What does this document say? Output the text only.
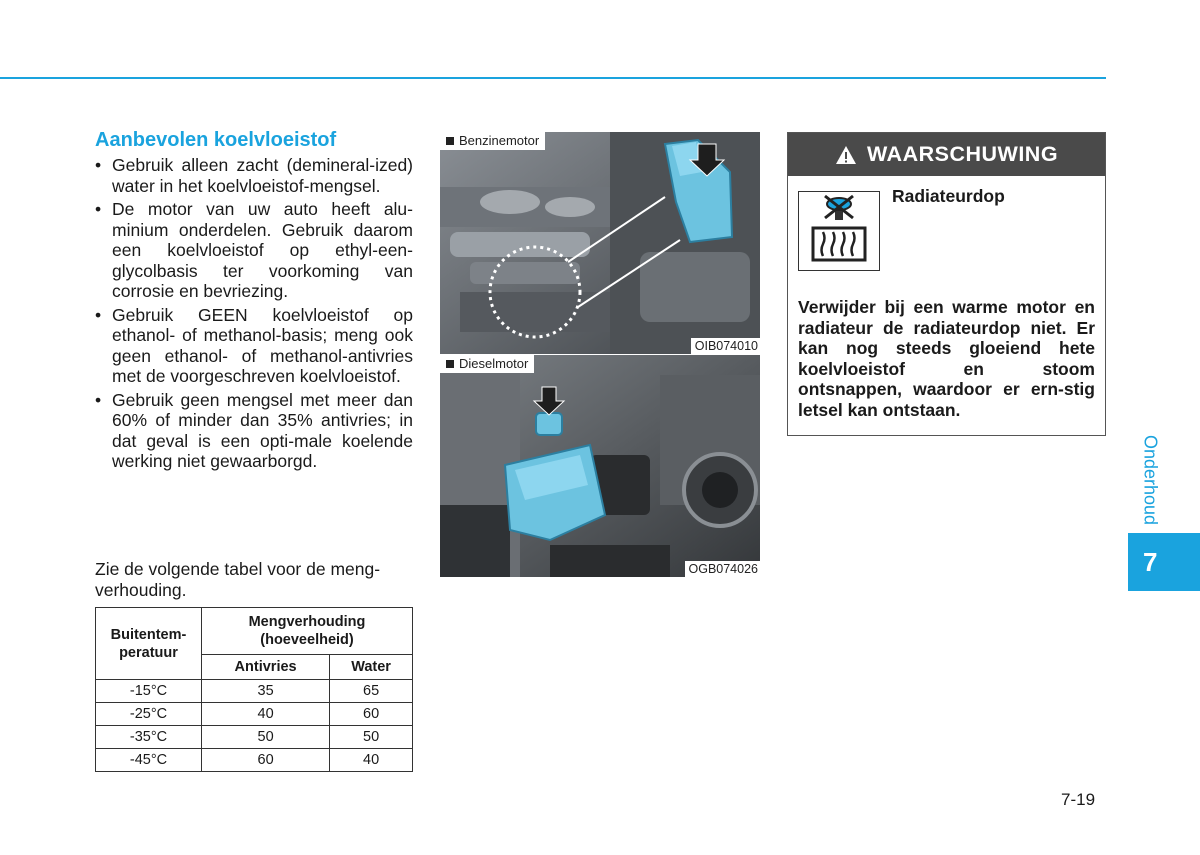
Aanbevolen koelvloeistof
• Gebruik alleen zacht (demineral-ized) water in het koelvloeistof-mengsel.
• De motor van uw auto heeft alu-minium onderdelen. Gebruik daarom een koelvloeistof op ethyl-een-glycolbasis ter voorkoming van corrosie en bevriezing.
• Gebruik GEEN koelvloeistof op ethanol- of methanol-basis; meng ook geen ethanol- of methanol-antivries met de voorgeschreven koelvloeistof.
• Gebruik geen mengsel met meer dan 60% of minder dan 35% antivries; in dat geval is een opti-male koelende werking niet gewaarborgd.

Zie de volgende tabel voor de meng-verhouding.

Buitentem-peratuur	Mengverhouding (hoeveelheid)	
	Antivries	Water
-15°C	35	65
-25°C	40	60
-35°C	50	50
-45°C	60	40
Benzinemotor
OIB074010
Dieselmotor
OGB074026
WAARSCHUWING

Radiateurdop

Verwijder bij een warme motor en radiateur de radiateurdop niet. Er kan nog steeds gloeiend hete koelvloeistof en stoom ontsnappen, waardoor er ern-stig letsel kan ontstaan.

Onderhoud
7
7-19
